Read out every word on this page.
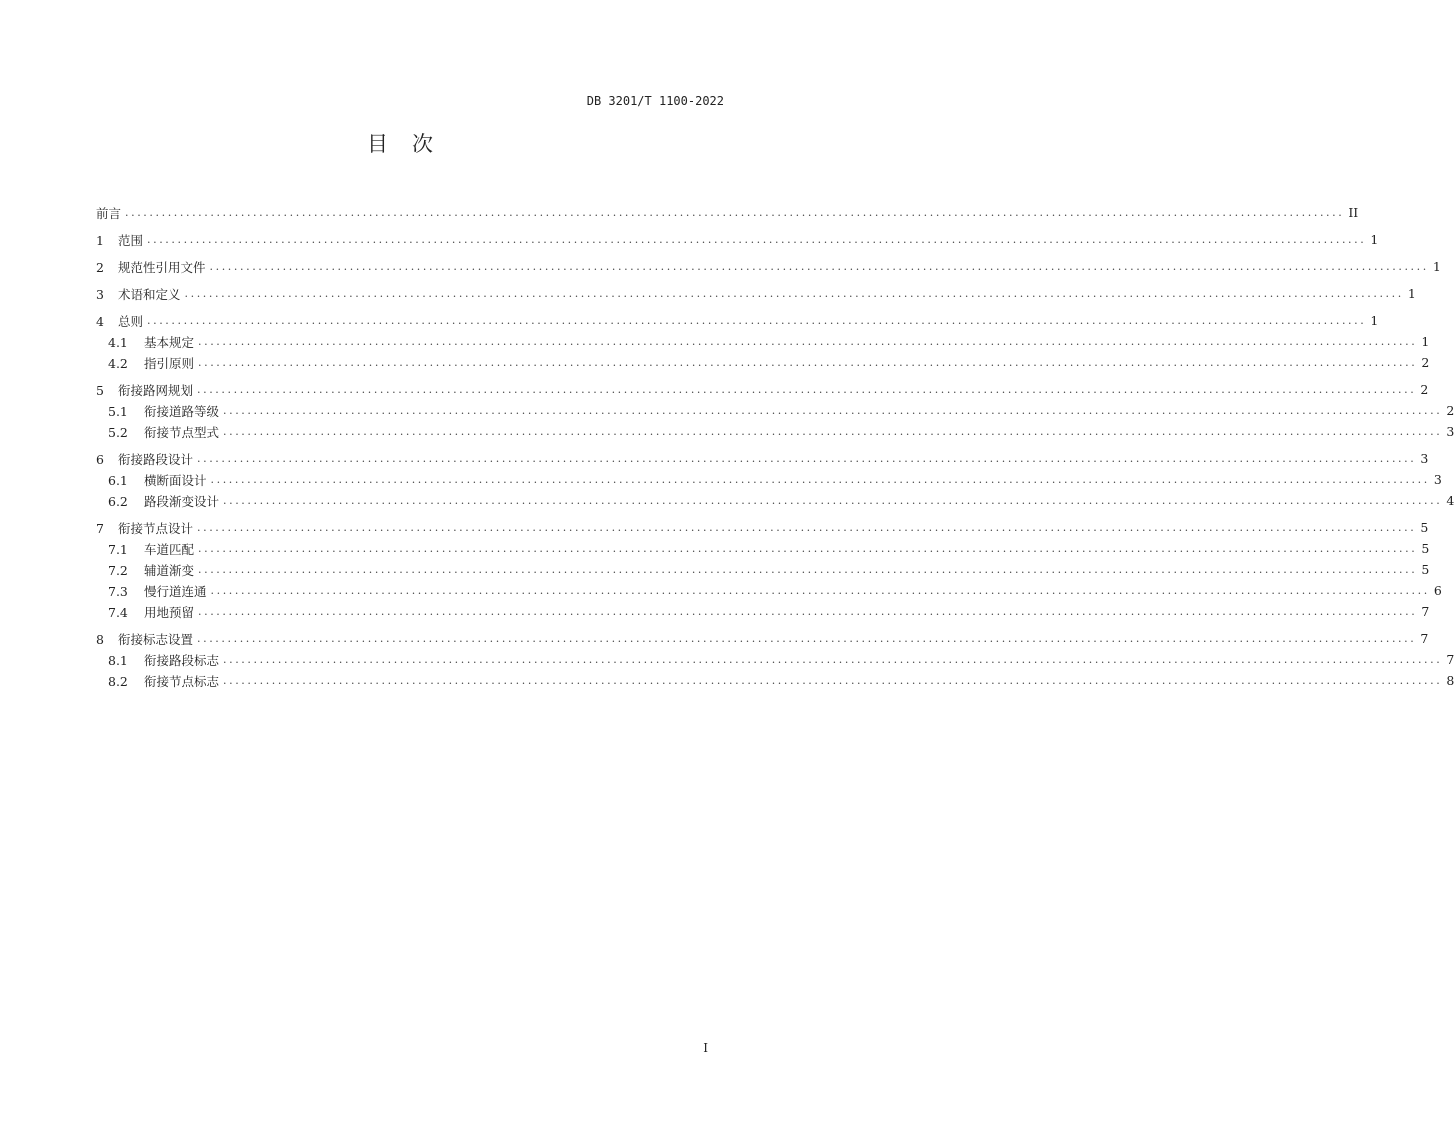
DB 3201/T 1100-2022
目次
前言 ........................................................................................................................................................................................................ II
1 范围 ........................................................................................................................................................................................................ 1
2 规范性引用文件 ........................................................................................................................................................................................................ 1
3 术语和定义 ........................................................................................................................................................................................................ 1
4 总则 ........................................................................................................................................................................................................ 1
4.1 基本规定 ........................................................................................................................................................................................................ 1
4.2 指引原则 ........................................................................................................................................................................................................ 2
5 衔接路网规划 ........................................................................................................................................................................................................ 2
5.1 衔接道路等级 ........................................................................................................................................................................................................ 2
5.2 衔接节点型式 ........................................................................................................................................................................................................ 3
6 衔接路段设计 ........................................................................................................................................................................................................ 3
6.1 横断面设计 ........................................................................................................................................................................................................ 3
6.2 路段渐变设计 ........................................................................................................................................................................................................ 4
7 衔接节点设计 ........................................................................................................................................................................................................ 5
7.1 车道匹配 ........................................................................................................................................................................................................ 5
7.2 辅道渐变 ........................................................................................................................................................................................................ 5
7.3 慢行道连通 ........................................................................................................................................................................................................ 6
7.4 用地预留 ........................................................................................................................................................................................................ 7
8 衔接标志设置 ........................................................................................................................................................................................................ 7
8.1 衔接路段标志 ........................................................................................................................................................................................................ 7
8.2 衔接节点标志 ........................................................................................................................................................................................................ 8
I
